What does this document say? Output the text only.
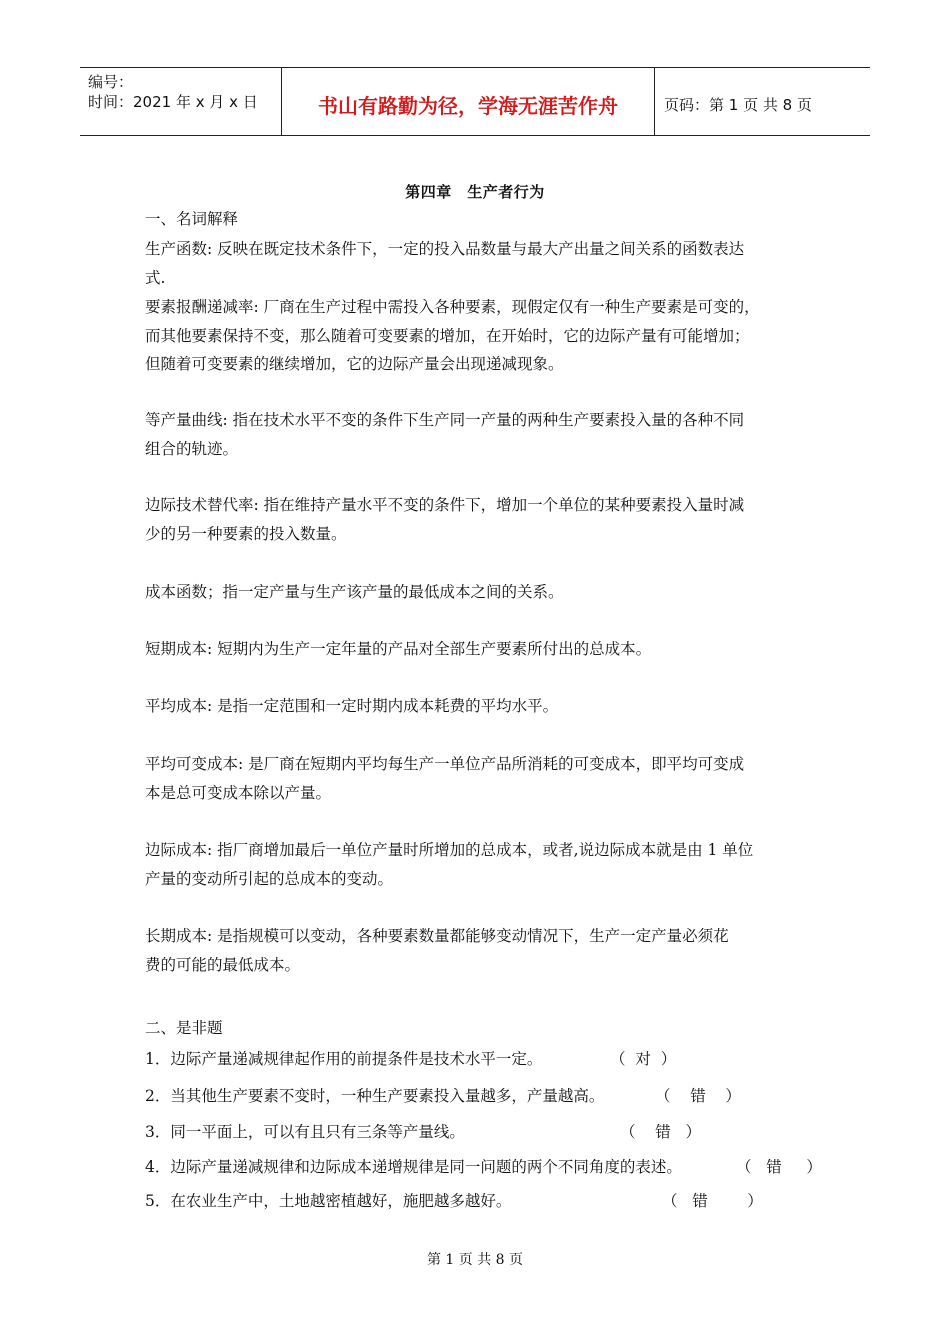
编号：
时间：2021 年 x 月 x 日	书山有路勤为径，学海无涯苦作舟	页码：第 1 页 共 8 页
第四章　生产者行为
一、名词解释
生产函数: 反映在既定技术条件下，一定的投入品数量与最大产出量之间关系的函数表达
式.
要素报酬递减率: 厂商在生产过程中需投入各种要素，现假定仅有一种生产要素是可变的，
而其他要素保持不变，那么随着可变要素的增加，在开始时，它的边际产量有可能增加；
但随着可变要素的继续增加，它的边际产量会出现递减现象。
等产量曲线: 指在技术水平不变的条件下生产同一产量的两种生产要素投入量的各种不同
组合的轨迹。
边际技术替代率: 指在维持产量水平不变的条件下，增加一个单位的某种要素投入量时减
少的另一种要素的投入数量。
成本函数；指一定产量与生产该产量的最低成本之间的关系。
短期成本: 短期内为生产一定年量的产品对全部生产要素所付出的总成本。
平均成本: 是指一定范围和一定时期内成本耗费的平均水平。
平均可变成本: 是厂商在短期内平均每生产一单位产品所消耗的可变成本，即平均可变成
本是总可变成本除以产量。
边际成本: 指厂商增加最后一单位产量时所增加的总成本，或者,说边际成本就是由 1 单位
产量的变动所引起的总成本的变动。
长期成本: 是指规模可以变动，各种要素数量都能够变动情况下，生产一定产量必须花
费的可能的最低成本。
二、是非题
1．边际产量递减规律起作用的前提条件是技术水平一定。	（  对  ）
2．当其他生产要素不变时，一种生产要素投入量越多，产量越高。	（    错    ）
3．同一平面上，可以有且只有三条等产量线。	（    错   ）
4．边际产量递减规律和边际成本递增规律是同一问题的两个不同角度的表述。	（   错     ）
5．在农业生产中，土地越密植越好，施肥越多越好。	（   错        ）
第 1 页 共 8 页
